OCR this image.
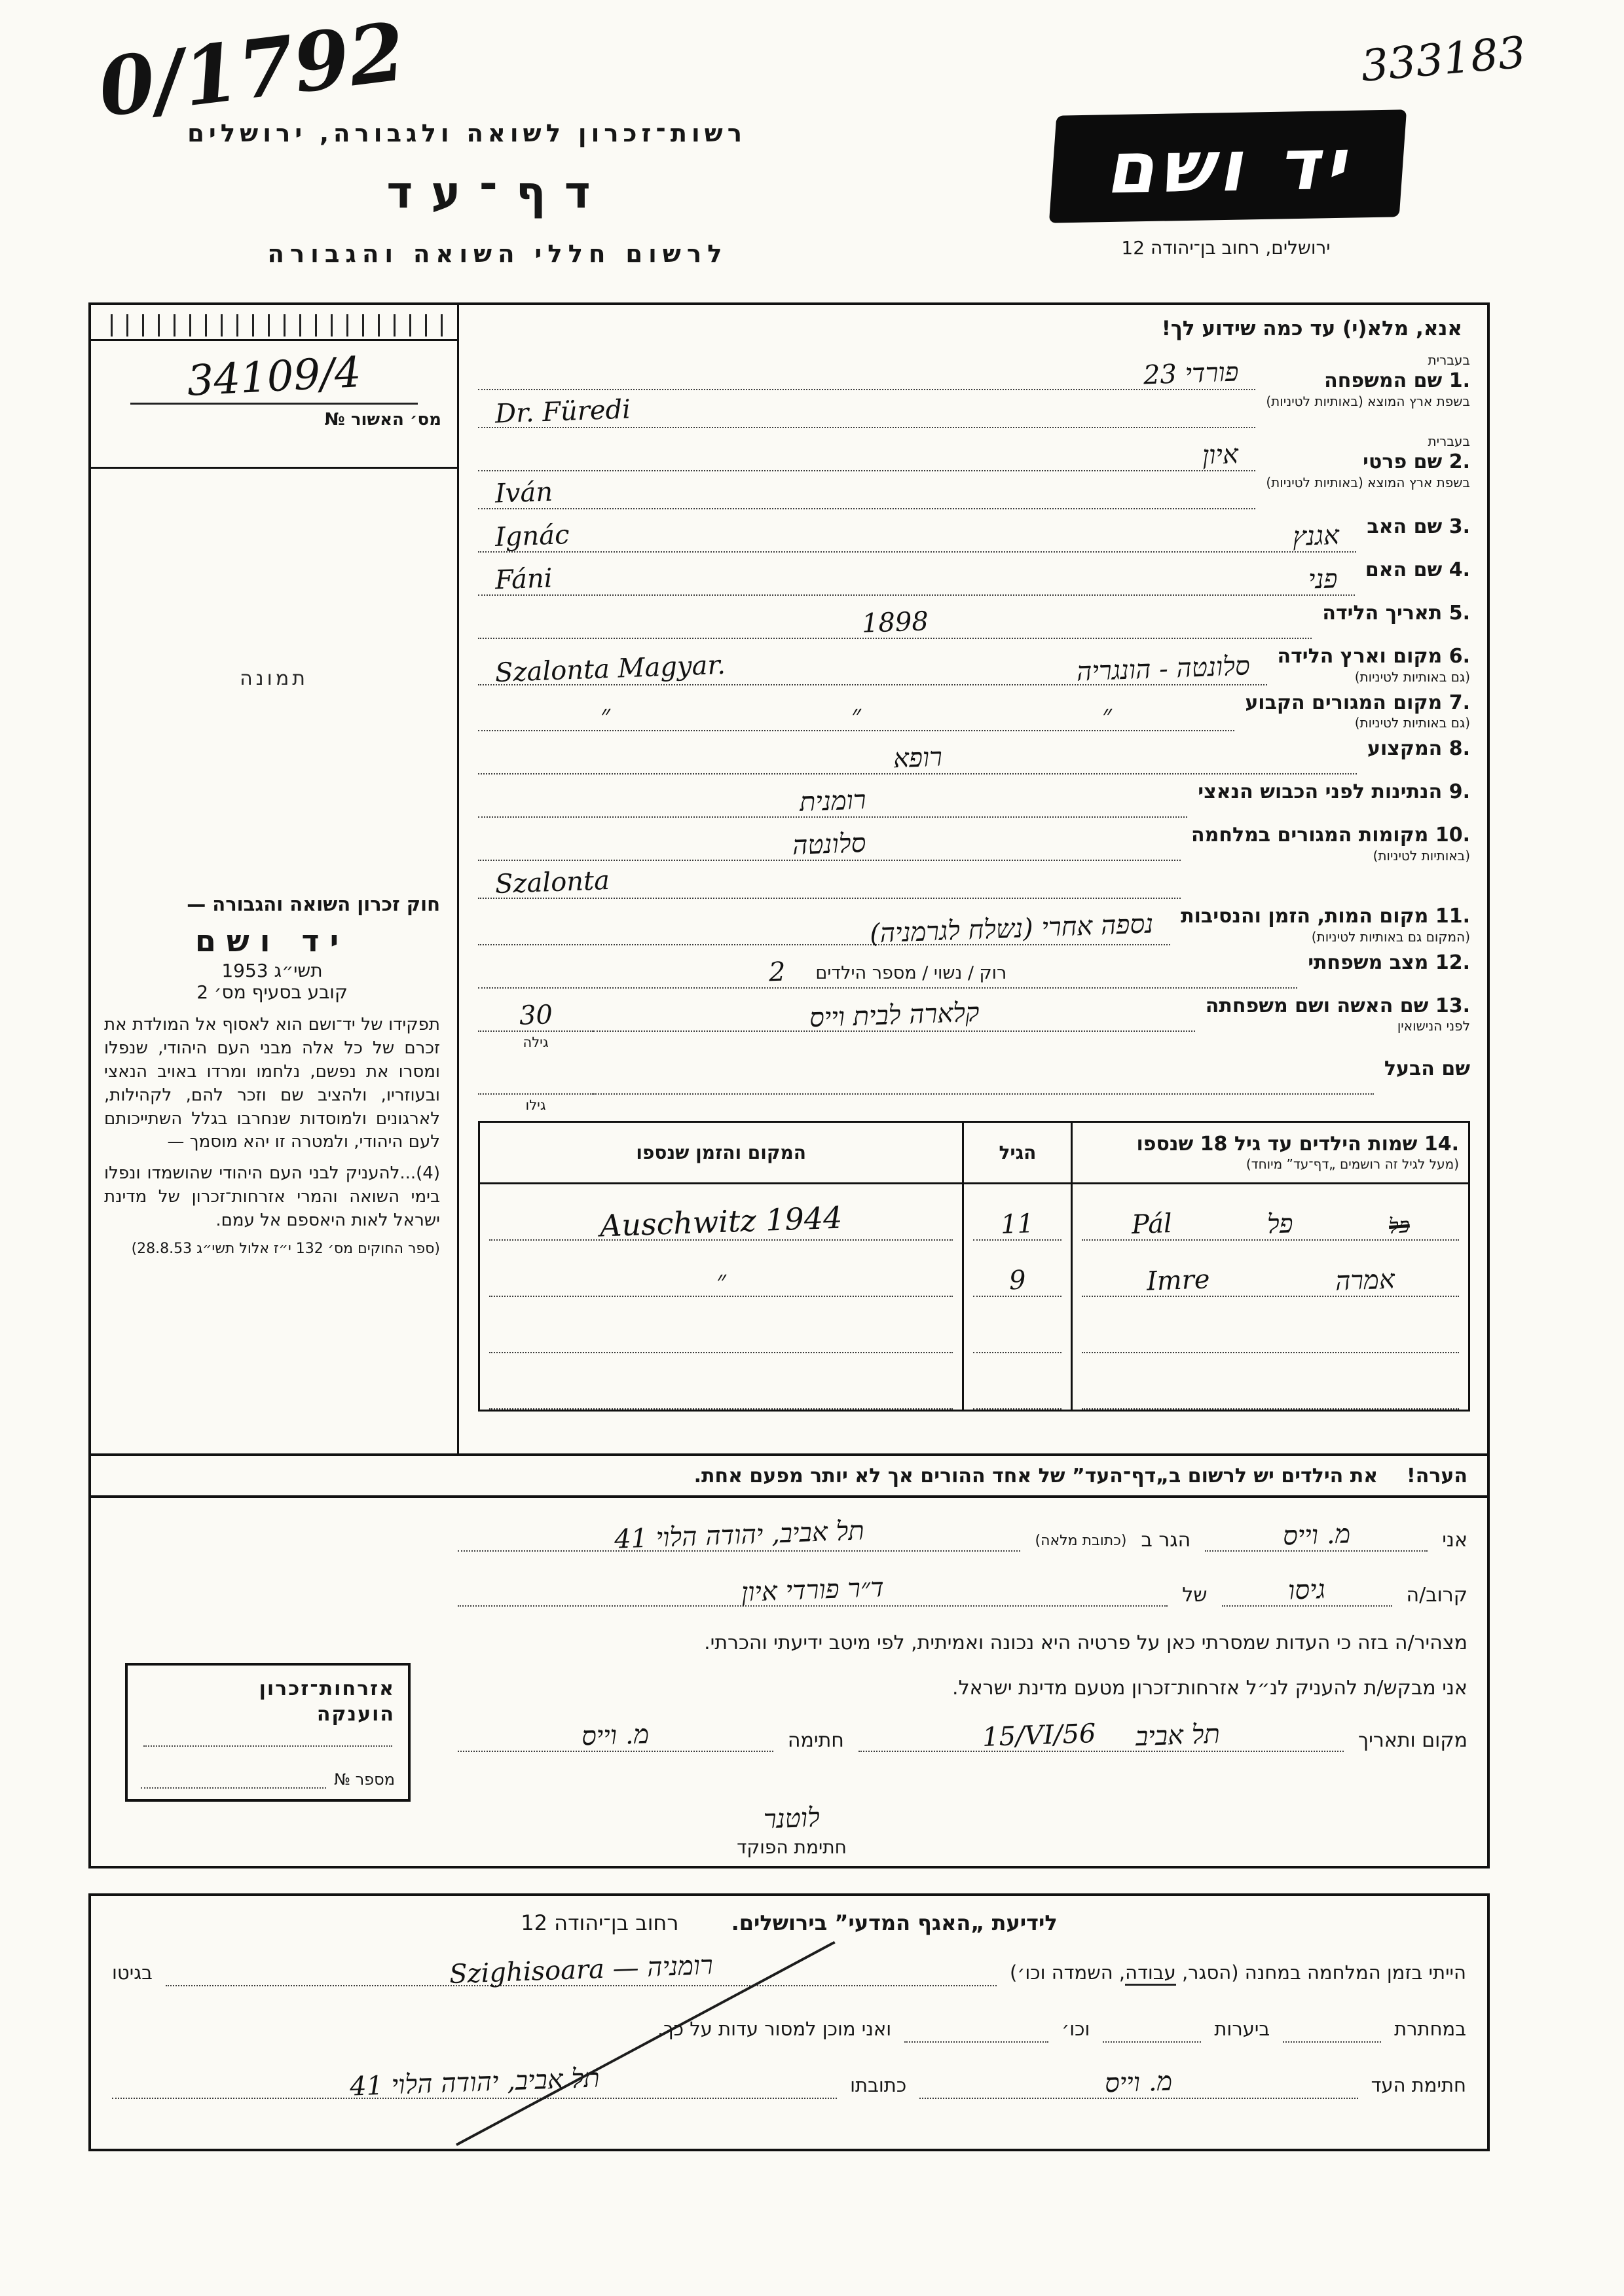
0/1792	333183
רשות־זכרון לשואה ולגבורה, ירושלים
דף־עד
לרשום חללי השואה והגבורה
יד ושם
ירושלים, רחוב בן־יהודה 12
34109/4
מס׳ האשור №
תמונה
חוק זכרון השואה והגבורה —
יד ושם
תשי״ג 1953
קובע בסעיף מס׳ 2

תפקידו של יד־ושם הוא לאסוף אל המולדת את זכרם של כל אלה מבני העם היהודי, שנפלו ומסרו את נפשם, נלחמו ומרדו באויב הנאצי ובעוזריו, ולהציב שם וזכר להם, לקהילות, לארגונים ולמוסדות שנחרבו בגלל השתייכותם לעם היהודי, ולמטרה זו יהא מוסמך —

(4)...להעניק לבני העם היהודי שהושמדו ונפלו בימי השואה והמרי אזרחות־זכרון של מדינת ישראל לאות היאספם אל עמם.

(ספר החוקים מס׳ 132 י״ז אלול תשי״ג 28.8.53)
אנא, מלא(י) עד כמה שידוע לך!
בעברית
1. שם המשפחה
בשפת ארץ המוצא (באותיות לטיניות)
פורדי 23
Dr. Füredi
בעברית
2. שם פרטי
בשפת ארץ המוצא (באותיות לטיניות)
איון
Iván
3. שם האב
אגנץ
Ignác
4. שם האם
פני
Fáni
5. תאריך הלידה
1898
6. מקום וארץ הלידה
(גם באותיות לטיניות)
סלונטה - הונגריה
Szalonta Magyar.
7. מקום המגורים הקבוע
(גם באותיות לטיניות)
״
״
״
8. המקצוע
רופא
9. הנתינות לפני הכבוש הנאצי
רומנית
10. מקומות המגורים במלחמה
(באותיות לטיניות)
סלונטה
Szalonta
11. מקום המות, הזמן והנסיבות
(המקום גם באותיות לטיניות)
נספה אחרי (נשלח לגרמניה)
12. מצב משפחתי
רוק / נשוי / מספר הילדים
2
13. שם האשה ושם משפחתה
לפני הנישואין
קלארה לבית וייס
30
גילה
שם הבעל
גילו
14. שמות הילדים עד גיל 18 שנספו
(מעל לגיל זה רושמים „דף־עד” מיוחד)
הגיל
המקום והזמן שנספו
פל
פל
Pál
11
Auschwitz 1944
אמרה
Imre
9
״
הערה!
את הילדים יש לרשום ב„דף־העד” של אחד ההורים אך לא יותר מפעם אחת.
אני
מ. וייס
הגר ב
(כתובת מלאה)
תל אביב, יהודה הלוי 41
קרוב/ה
גיסו
של
ד״ר פורדי איון

מצהיר/ה בזה כי העדות שמסרתי כאן על פרטיה היא נכונה ואמיתית, לפי מיטב ידיעתי והכרתי.

אני מבקש/ת להעניק לנ״ל אזרחות־זכרון מטעם מדינת ישראל.

מקום ותאריך
תל אביב
15/VI/56
חתימה
מ. וייס
לוטנר
חתימת הפוקד
אזרחות־זכרון
הוענקה
מספר №
לידיעת „האגף המדעי” בירושלים. רחוב בן־יהודה 12
הייתי בזמן המלחמה במחנה (הסגר, עבודה, השמדה וכו׳)
רומניה — Szighisoara
בגיטו
במחתרת
ביערות
וכו׳
ואני מוכן למסור עדות על כך.
חתימת העד
מ. וייס
כתובתו
תל אביב, יהודה הלוי 41
